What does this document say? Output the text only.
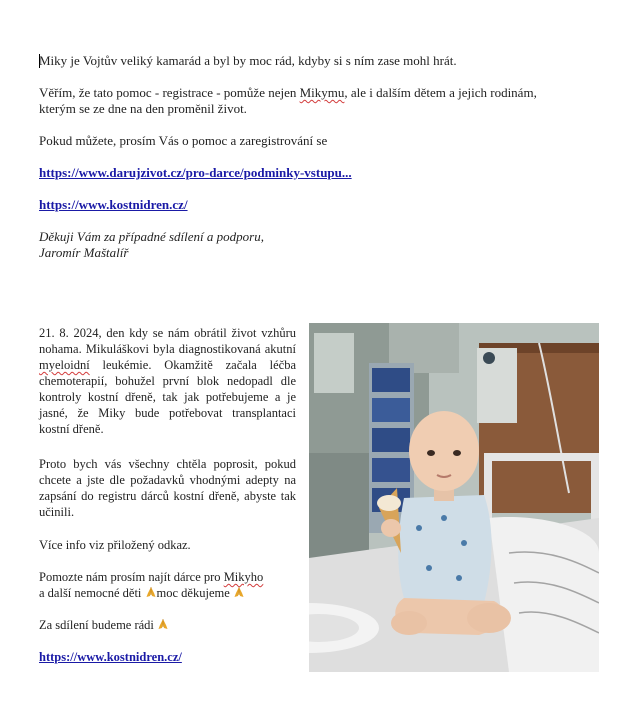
Miky je Vojtův veliký kamarád a byl by moc rád, kdyby si s ním zase mohl hrát.

Věřím, že tato pomoc - registrace - pomůže nejen Mikymu, ale i dalším dětem a jejich rodinám,
kterým se ze dne na den proměnil život.

Pokud můžete, prosím Vás o pomoc a zaregistrování se

https://www.darujzivot.cz/pro-darce/podminky-vstupu...
https://www.kostnidren.cz/

Děkuji Vám za případné sdílení a podporu,
Jaromír Maštalíř

21. 8. 2024, den kdy se nám obrátil život vzhůru nohama. Mikuláškovi byla diagnostikovaná akutní myeloidní leukémie. Okamžitě začala léčba chemoterapií, bohužel první blok nedopadl dle kontroly kostní dřeně, tak jak potřebujeme a je jasné, že Miky bude potřebovat transplantaci kostní dřeně.

Proto bych vás všechny chtěla poprosit, pokud chcete a jste dle požadavků vhodnými adepty na zapsání do registru dárců kostní dřeně, abyste tak učinili.

Více info viz přiložený odkaz.

Pomozte nám prosím najít dárce pro Mikyho
a další nemocné děti moc děkujeme

Za sdílení budeme rádi

https://www.kostnidren.cz/
